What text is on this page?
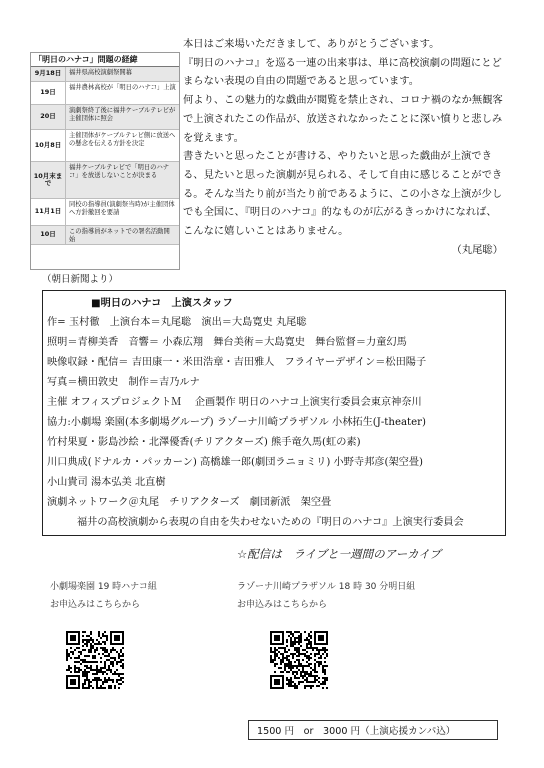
「明日のハナコ」問題の経緯
9月18日	福井県高校演劇祭開幕
19日
福井農林高校が「明日のハナコ」上演
20日
演劇祭終了後に福井ケーブルテレビが主催団体に照会
10月8日
主催団体がケーブルテレビ側に放送への懸念を伝える方針を決定
10月末まで
福井ケーブルテレビで「明日のハナコ」を放送しないことが決まる
11月1日
同校の指導員(演劇祭当時)が主催団体へ方針撤回を要請
10日	この指導員がネットでの署名活動開始
（朝日新聞より）

本日はご来場いただきまして、ありがとうございます。

『明日のハナコ』を巡る一連の出来事は、単に高校演劇の問題にとどまらない表現の自由の問題であると思っています。

何より、この魅力的な戯曲が閲覧を禁止され、コロナ禍のなか無観客で上演されたこの作品が、放送されなかったことに深い憤りと悲しみを覚えます。

書きたいと思ったことが書ける、やりたいと思った戯曲が上演できる、見たいと思った演劇が見られる、そして自由に感じることができる。そんな当たり前が当たり前であるように、この小さな上演が少しでも全国に、『明日のハナコ』的なものが広がるきっかけになれば、こんなに嬉しいことはありません。
（丸尾聡）

■明日のハナコ　上演スタッフ
作= 玉村徹　上演台本＝丸尾聡　演出＝大島寛史 丸尾聡
照明＝青柳美香　音響＝ 小森広翔　舞台美術＝大島寛史　舞台監督＝力童幻馬
映像収録・配信＝ 吉田康一・米田浩章・吉田雅人　フライヤーデザイン＝松田陽子
写真＝横田敦史　制作＝吉乃ルナ
主催 オフィスプロジェクトＭ　 企画製作 明日のハナコ上演実行委員会東京神奈川
協力:小劇場 楽園(本多劇場グループ) ラゾーナ川崎プラザソル 小林拓生(J-theater)
竹村果夏・影島沙絵・北澤優香(チリアクターズ) 熊手竜久馬(虹の素)
川口典成(ドナルカ・パッカーン) 高橋雄一郎(劇団ラニョミリ) 小野寺邦彦(架空畳)
小山貴司 湯本弘美 北直樹
演劇ネットワーク＠丸尾　チリアクターズ　劇団新派　架空畳
福井の高校演劇から表現の自由を失わせないための『明日のハナコ』上演実行委員会
☆配信は　ライブと一週間のアーカイブ
小劇場楽園 19 時ハナコ組
お申込みはこちらから
ラゾーナ川崎プラザソル 18 時 30 分明日組
お申込みはこちらから
1500 円　or　3000 円（上演応援カンパ込）
